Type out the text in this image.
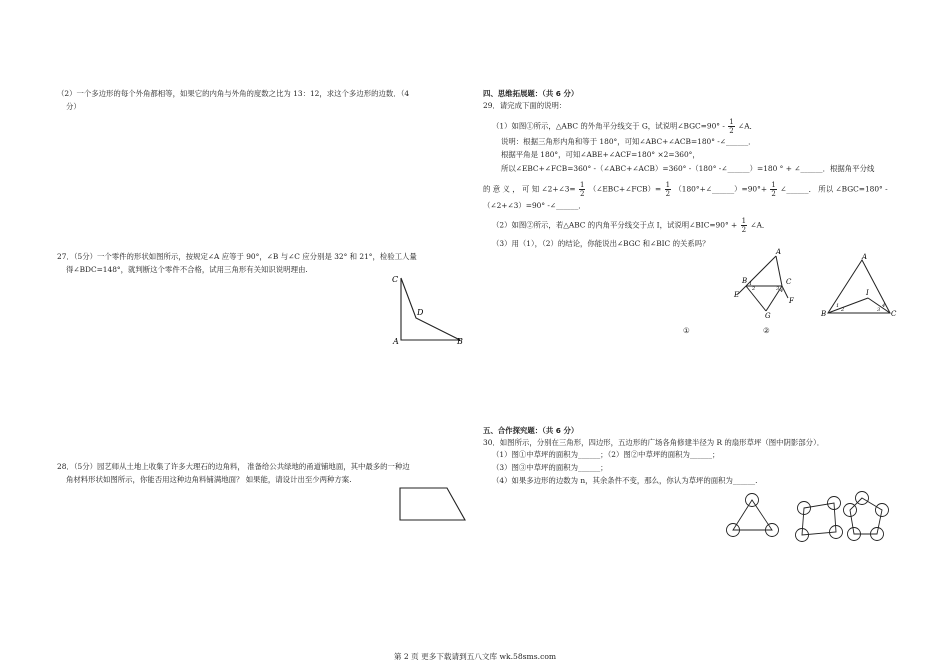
（2）一个多边形的每个外角都相等，如果它的内角与外角的度数之比为 13：12，求这个多边形的边数．（4
分）
27．（5分）一个零件的形状如图所示，按规定∠A 应等于 90°，∠B 与∠C 应分别是 32° 和 21°，检验工人量
得∠BDC=148°，就判断这个零件不合格，试用三角形有关知识说明理由.
C
D
A	B
28．（5分）园艺师从土地上收集了许多大理石的边角料， 准备给公共绿地的甬道铺地面，其中最多的一种边
角材料形状如图所示，你能否用这种边角料铺满地面？ 如果能，请设计出至少两种方案.
四、思维拓展题：（共 6 分）
29．请完成下面的说明：
（1）如图①所示，△ABC 的外角平分线交于 G，试说明∠BGC=90° - $\frac{1}{2}$ ∠A．
说明：根据三角形内角和等于 180°，可知∠ABC+∠ACB=180° -∠______．
根据平角是 180°，可知∠ABE+∠ACF=180° ×2=360°，
所以∠EBC+∠FCB=360° -（∠ABC+∠ACB）=360° -（180° -∠______）=180 ° + ∠______．根据角平分线
的 意 义 ， 可 知 ∠2+∠3= $\frac{1}{2}$ （∠EBC+∠FCB）= $\frac{1}{2}$ （180°+∠______）=90°+ $\frac{1}{2}$ ∠______． 所以 ∠BGC=180° -
（∠2+∠3）=90° -∠______．
（2）如图②所示，若△ABC 的内角平分线交于点 I，试说明∠BIC=90° + $\frac{1}{2}$ ∠A．
（3）用（1），（2）的结论，你能说出∠BGC 和∠BIC 的关系吗？
A
B	C
E
F
G
1
2	3 4
A
B	C
I
1
2	3
4
①	②
五、合作探究题：（共 6 分）
30．如图所示，分别在三角形，四边形，五边形的广场各角修建半径为 R 的扇形草坪（图中阴影部分）．
（1）图①中草坪的面积为______；（2）图②中草坪的面积为______；
（3）图③中草坪的面积为______；
（4）如果多边形的边数为 n，其余条件不变，那么，你认为草坪的面积为______.
第 2 页 更多下载请到五八文库 wk.58sms.com
